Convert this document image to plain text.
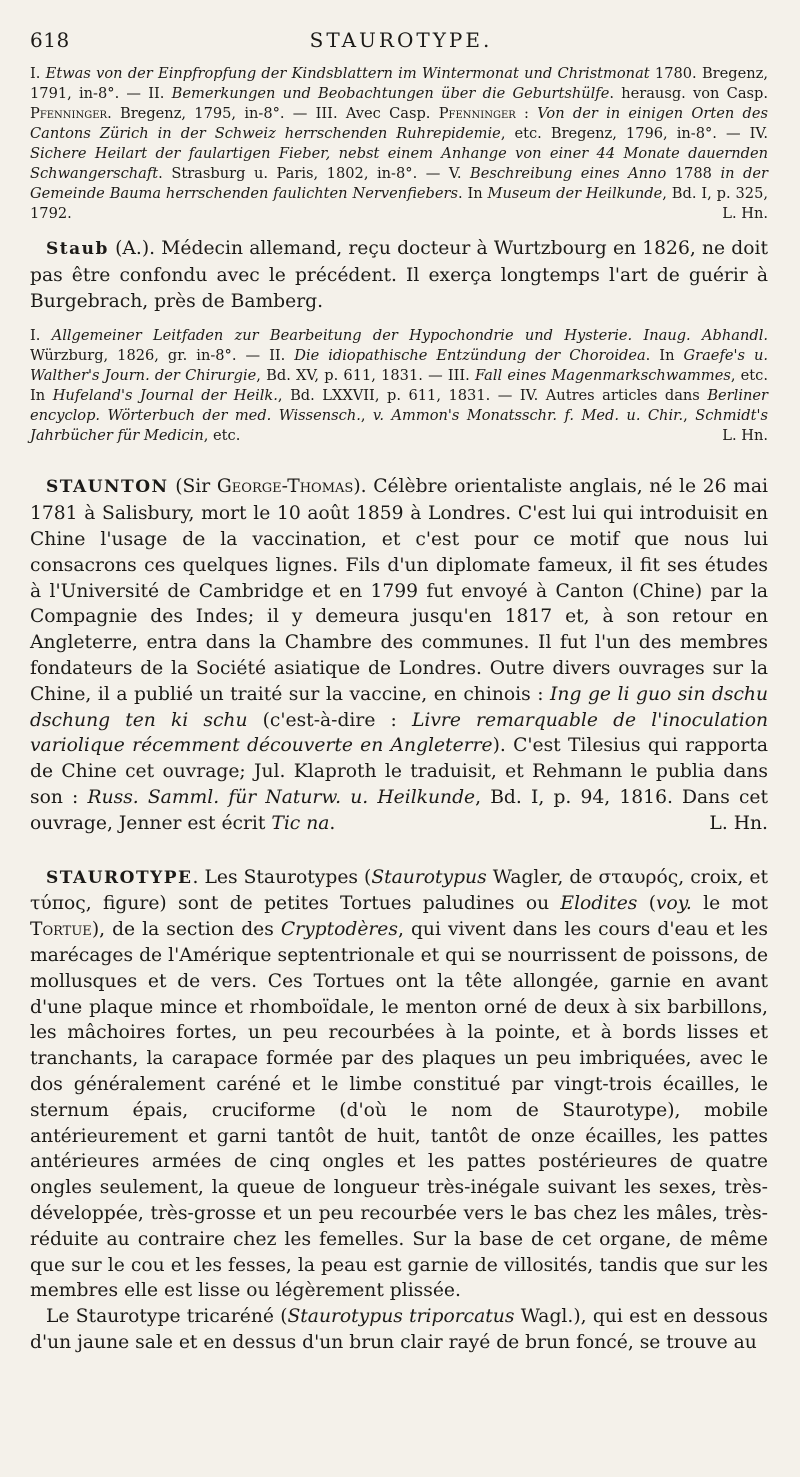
618	STAUROTYPE.

I. Etwas von der Einpfropfung der Kindsblattern im Wintermonat und Christmonat 1780. Bregenz, 1791, in-8°. — II. Bemerkungen und Beobachtungen über die Geburtshülfe. herausg. von Casp. Pfenninger. Bregenz, 1795, in-8°. — III. Avec Casp. Pfenninger : Von der in einigen Orten des Cantons Zürich in der Schweiz herrschenden Ruhrepidemie, etc. Bregenz, 1796, in-8°. — IV. Sichere Heilart der faulartigen Fieber, nebst einem Anhange von einer 44 Monate dauernden Schwangerschaft. Strasburg u. Paris, 1802, in-8°. — V. Beschreibung eines Anno 1788 in der Gemeinde Bauma herrschenden faulichten Nervenfiebers. In Museum der Heilkunde, Bd. I, p. 325, 1792.	L. Hn.

Staub (A.). Médecin allemand, reçu docteur à Wurtzbourg en 1826, ne doit pas être confondu avec le précédent. Il exerça longtemps l'art de guérir à Burgebrach, près de Bamberg.

I. Allgemeiner Leitfaden zur Bearbeitung der Hypochondrie und Hysterie. Inaug. Abhandl. Würzburg, 1826, gr. in-8°. — II. Die idiopathische Entzündung der Choroidea. In Graefe's u. Walther's Journ. der Chirurgie, Bd. XV, p. 611, 1831. — III. Fall eines Magenmarkschwammes, etc. In Hufeland's Journal der Heilk., Bd. LXXVII, p. 611, 1831. — IV. Autres articles dans Berliner encyclop. Wörterbuch der med. Wissensch., v. Ammon's Monatsschr. f. Med. u. Chir., Schmidt's Jahrbücher für Medicin, etc.	L. Hn.

STAUNTON (Sir George-Thomas). Célèbre orientaliste anglais, né le 26 mai 1781 à Salisbury, mort le 10 août 1859 à Londres. C'est lui qui introduisit en Chine l'usage de la vaccination, et c'est pour ce motif que nous lui consacrons ces quelques lignes. Fils d'un diplomate fameux, il fit ses études à l'Université de Cambridge et en 1799 fut envoyé à Canton (Chine) par la Compagnie des Indes; il y demeura jusqu'en 1817 et, à son retour en Angleterre, entra dans la Chambre des communes. Il fut l'un des membres fondateurs de la Société asiatique de Londres. Outre divers ouvrages sur la Chine, il a publié un traité sur la vaccine, en chinois : Ing ge li guo sin dschu dschung ten ki schu (c'est-à-dire : Livre remarquable de l'inoculation variolique récemment découverte en Angleterre). C'est Tilesius qui rapporta de Chine cet ouvrage; Jul. Klaproth le traduisit, et Rehmann le publia dans son : Russ. Samml. für Naturw. u. Heilkunde, Bd. I, p. 94, 1816. Dans cet ouvrage, Jenner est écrit Tic na.	L. Hn.

STAUROTYPE. Les Staurotypes (Staurotypus Wagler, de σταυρός, croix, et τύπος, figure) sont de petites Tortues paludines ou Elodites (voy. le mot Tortue), de la section des Cryptodères, qui vivent dans les cours d'eau et les marécages de l'Amérique septentrionale et qui se nourrissent de poissons, de mollusques et de vers. Ces Tortues ont la tête allongée, garnie en avant d'une plaque mince et rhomboïdale, le menton orné de deux à six barbillons, les mâchoires fortes, un peu recourbées à la pointe, et à bords lisses et tranchants, la carapace formée par des plaques un peu imbriquées, avec le dos généralement caréné et le limbe constitué par vingt-trois écailles, le sternum épais, cruciforme (d'où le nom de Staurotype), mobile antérieurement et garni tantôt de huit, tantôt de onze écailles, les pattes antérieures armées de cinq ongles et les pattes postérieures de quatre ongles seulement, la queue de longueur très-inégale suivant les sexes, très-développée, très-grosse et un peu recourbée vers le bas chez les mâles, très-réduite au contraire chez les femelles. Sur la base de cet organe, de même que sur le cou et les fesses, la peau est garnie de villosités, tandis que sur les membres elle est lisse ou légèrement plissée.

Le Staurotype tricaréné (Staurotypus triporcatus Wagl.), qui est en dessous d'un jaune sale et en dessus d'un brun clair rayé de brun foncé, se trouve au
